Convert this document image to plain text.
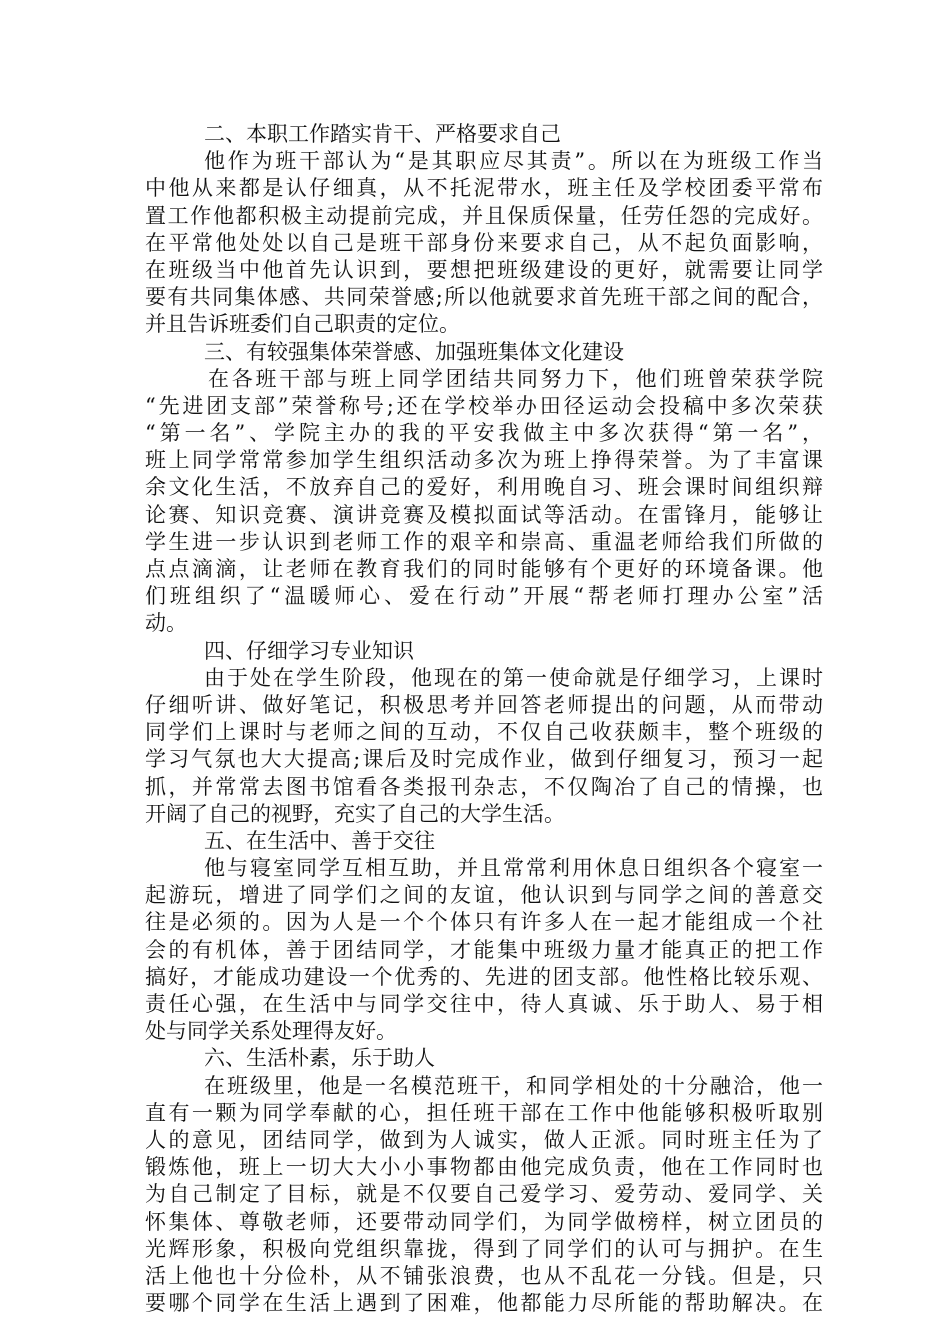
二、本职工作踏实肯干、严格要求自己
他作为班干部认为“是其职应尽其责”。所以在为班级工作当
中他从来都是认仔细真，从不托泥带水，班主任及学校团委平常布
置工作他都积极主动提前完成，并且保质保量，任劳任怨的完成好。
在平常他处处以自己是班干部身份来要求自己，从不起负面影响，
在班级当中他首先认识到，要想把班级建设的更好，就需要让同学
要有共同集体感、共同荣誉感;所以他就要求首先班干部之间的配合，
并且告诉班委们自己职责的定位。
三、有较强集体荣誉感、加强班集体文化建设
在各班干部与班上同学团结共同努力下，他们班曾荣获学院
“先进团支部”荣誉称号;还在学校举办田径运动会投稿中多次荣获
“第一名”、学院主办的我的平安我做主中多次获得“第一名”，
班上同学常常参加学生组织活动多次为班上挣得荣誉。为了丰富课
余文化生活，不放弃自己的爱好，利用晚自习、班会课时间组织辩
论赛、知识竞赛、演讲竞赛及模拟面试等活动。在雷锋月，能够让
学生进一步认识到老师工作的艰辛和崇高、重温老师给我们所做的
点点滴滴，让老师在教育我们的同时能够有个更好的环境备课。他
们班组织了“温暖师心、爱在行动”开展“帮老师打理办公室”活
动。
四、仔细学习专业知识
由于处在学生阶段，他现在的第一使命就是仔细学习，上课时
仔细听讲、做好笔记，积极思考并回答老师提出的问题，从而带动
同学们上课时与老师之间的互动，不仅自己收获颇丰，整个班级的
学习气氛也大大提高;课后及时完成作业，做到仔细复习，预习一起
抓，并常常去图书馆看各类报刊杂志，不仅陶冶了自己的情操，也
开阔了自己的视野，充实了自己的大学生活。
五、在生活中、善于交往
他与寝室同学互相互助，并且常常利用休息日组织各个寝室一
起游玩，增进了同学们之间的友谊，他认识到与同学之间的善意交
往是必须的。因为人是一个个体只有许多人在一起才能组成一个社
会的有机体，善于团结同学，才能集中班级力量才能真正的把工作
搞好，才能成功建设一个优秀的、先进的团支部。他性格比较乐观、
责任心强，在生活中与同学交往中，待人真诚、乐于助人、易于相
处与同学关系处理得友好。
六、生活朴素，乐于助人
在班级里，他是一名模范班干，和同学相处的十分融洽，他一
直有一颗为同学奉献的心，担任班干部在工作中他能够积极听取别
人的意见，团结同学，做到为人诚实，做人正派。同时班主任为了
锻炼他，班上一切大大小小事物都由他完成负责，他在工作同时也
为自己制定了目标，就是不仅要自己爱学习、爱劳动、爱同学、关
怀集体、尊敬老师，还要带动同学们，为同学做榜样，树立团员的
光辉形象，积极向党组织靠拢，得到了同学们的认可与拥护。在生
活上他也十分俭朴，从不铺张浪费，也从不乱花一分钱。但是，只
要哪个同学在生活上遇到了困难，他都能力尽所能的帮助解决。在
